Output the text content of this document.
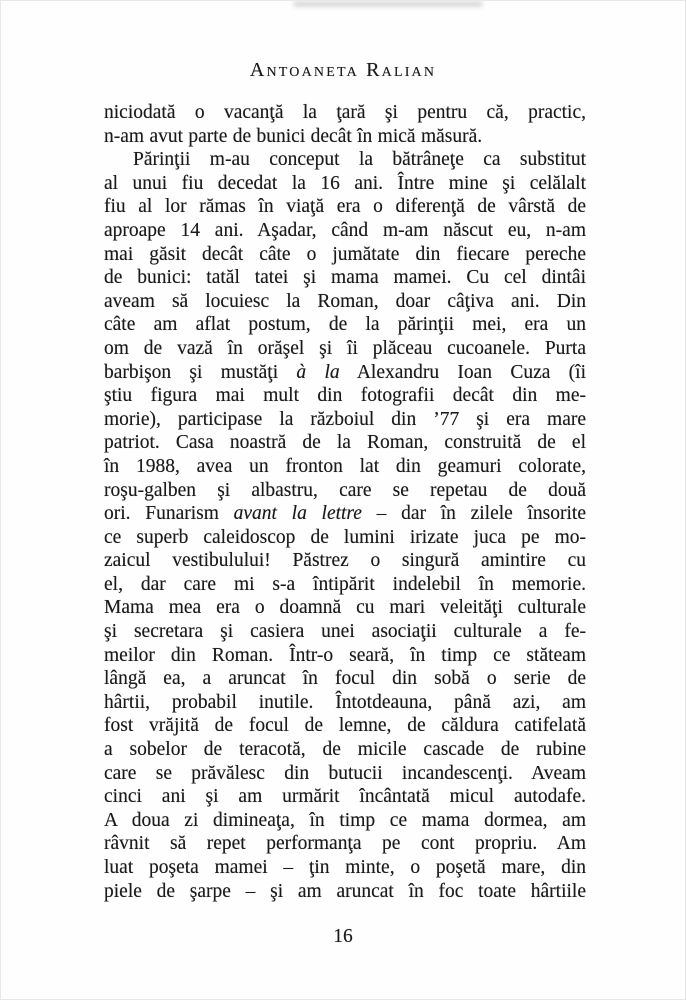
Antoaneta Ralian
niciodată o vacanţă la ţară şi pentru că, practic,
n-am avut parte de bunici decât în mică măsură.
Părinţii m-au conceput la bătrâneţe ca substitut
al unui fiu decedat la 16 ani. Între mine şi celălalt
fiu al lor rămas în viaţă era o diferenţă de vârstă de
aproape 14 ani. Aşadar, când m-am născut eu, n-am
mai găsit decât câte o jumătate din fiecare pereche
de bunici: tatăl tatei şi mama mamei. Cu cel dintâi
aveam să locuiesc la Roman, doar câţiva ani. Din
câte am aflat postum, de la părinţii mei, era un
om de vază în orăşel şi îi plăceau cucoanele. Purta
barbişon şi mustăţi à la Alexandru Ioan Cuza (îi
ştiu figura mai mult din fotografii decât din me-
morie), participase la războiul din ’77 şi era mare
patriot. Casa noastră de la Roman, construită de el
în 1988, avea un fronton lat din geamuri colorate,
roşu-galben şi albastru, care se repetau de două
ori. Funarism avant la lettre – dar în zilele însorite
ce superb caleidoscop de lumini irizate juca pe mo-
zaicul vestibulului! Păstrez o singură amintire cu
el, dar care mi s-a întipărit indelebil în memorie.
Mama mea era o doamnă cu mari veleităţi culturale
şi secretara şi casiera unei asociaţii culturale a fe-
meilor din Roman. Într-o seară, în timp ce stăteam
lângă ea, a aruncat în focul din sobă o serie de
hârtii, probabil inutile. Întotdeauna, până azi, am
fost vrăjită de focul de lemne, de căldura catifelată
a sobelor de teracotă, de micile cascade de rubine
care se prăvălesc din butucii incandescenţi. Aveam
cinci ani şi am urmărit încântată micul autodafe.
A doua zi dimineaţa, în timp ce mama dormea, am
râvnit să repet performanţa pe cont propriu. Am
luat poşeta mamei – ţin minte, o poşetă mare, din
piele de şarpe – şi am aruncat în foc toate hârtiile
16
